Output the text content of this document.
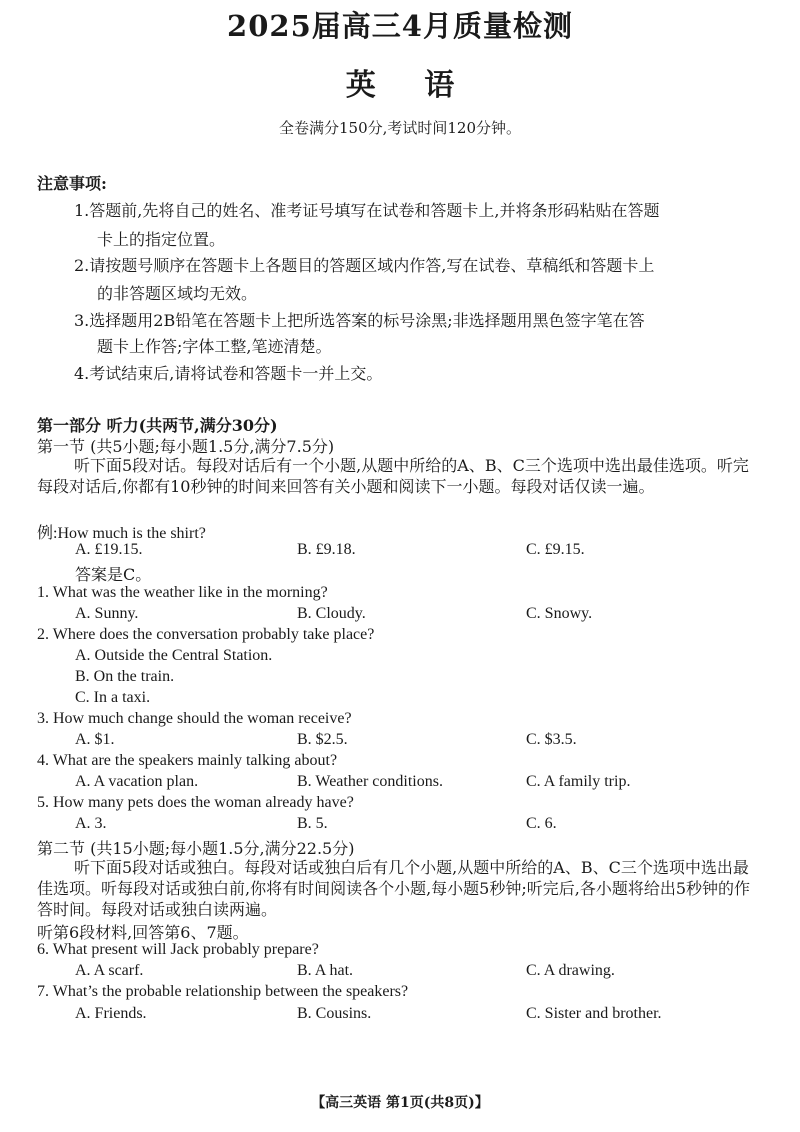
2025届高三4月质量检测
英 语
全卷满分150分,考试时间120分钟。
注意事项:
1.答题前,先将自己的姓名、准考证号填写在试卷和答题卡上,并将条形码粘贴在答题
卡上的指定位置。
2.请按题号顺序在答题卡上各题目的答题区域内作答,写在试卷、草稿纸和答题卡上
的非答题区域均无效。
3.选择题用2B铅笔在答题卡上把所选答案的标号涂黑;非选择题用黑色签字笔在答
题卡上作答;字体工整,笔迹清楚。
4.考试结束后,请将试卷和答题卡一并上交。
第一部分 听力(共两节,满分30分)
第一节 (共5小题;每小题1.5分,满分7.5分)
听下面5段对话。每段对话后有一个小题,从题中所给的A、B、C三个选项中选出最佳选项。听完每段对话后,你都有10秒钟的时间来回答有关小题和阅读下一小题。每段对话仅读一遍。
例:How much is the shirt?
A. £19.15.	B. £9.18.	C. £9.15.
答案是C。
1. What was the weather like in the morning?
A. Sunny.	B. Cloudy.	C. Snowy.
2. Where does the conversation probably take place?
A. Outside the Central Station.
B. On the train.
C. In a taxi.
3. How much change should the woman receive?
A. $1.	B. $2.5.	C. $3.5.
4. What are the speakers mainly talking about?
A. A vacation plan.	B. Weather conditions.	C. A family trip.
5. How many pets does the woman already have?
A. 3.	B. 5.	C. 6.
第二节 (共15小题;每小题1.5分,满分22.5分)
听下面5段对话或独白。每段对话或独白后有几个小题,从题中所给的A、B、C三个选项中选出最佳选项。听每段对话或独白前,你将有时间阅读各个小题,每小题5秒钟;听完后,各小题将给出5秒钟的作答时间。每段对话或独白读两遍。
听第6段材料,回答第6、7题。
6. What present will Jack probably prepare?
A. A scarf.	B. A hat.	C. A drawing.
7. What’s the probable relationship between the speakers?
A. Friends.	B. Cousins.	C. Sister and brother.
【高三英语 第1页(共8页)】
